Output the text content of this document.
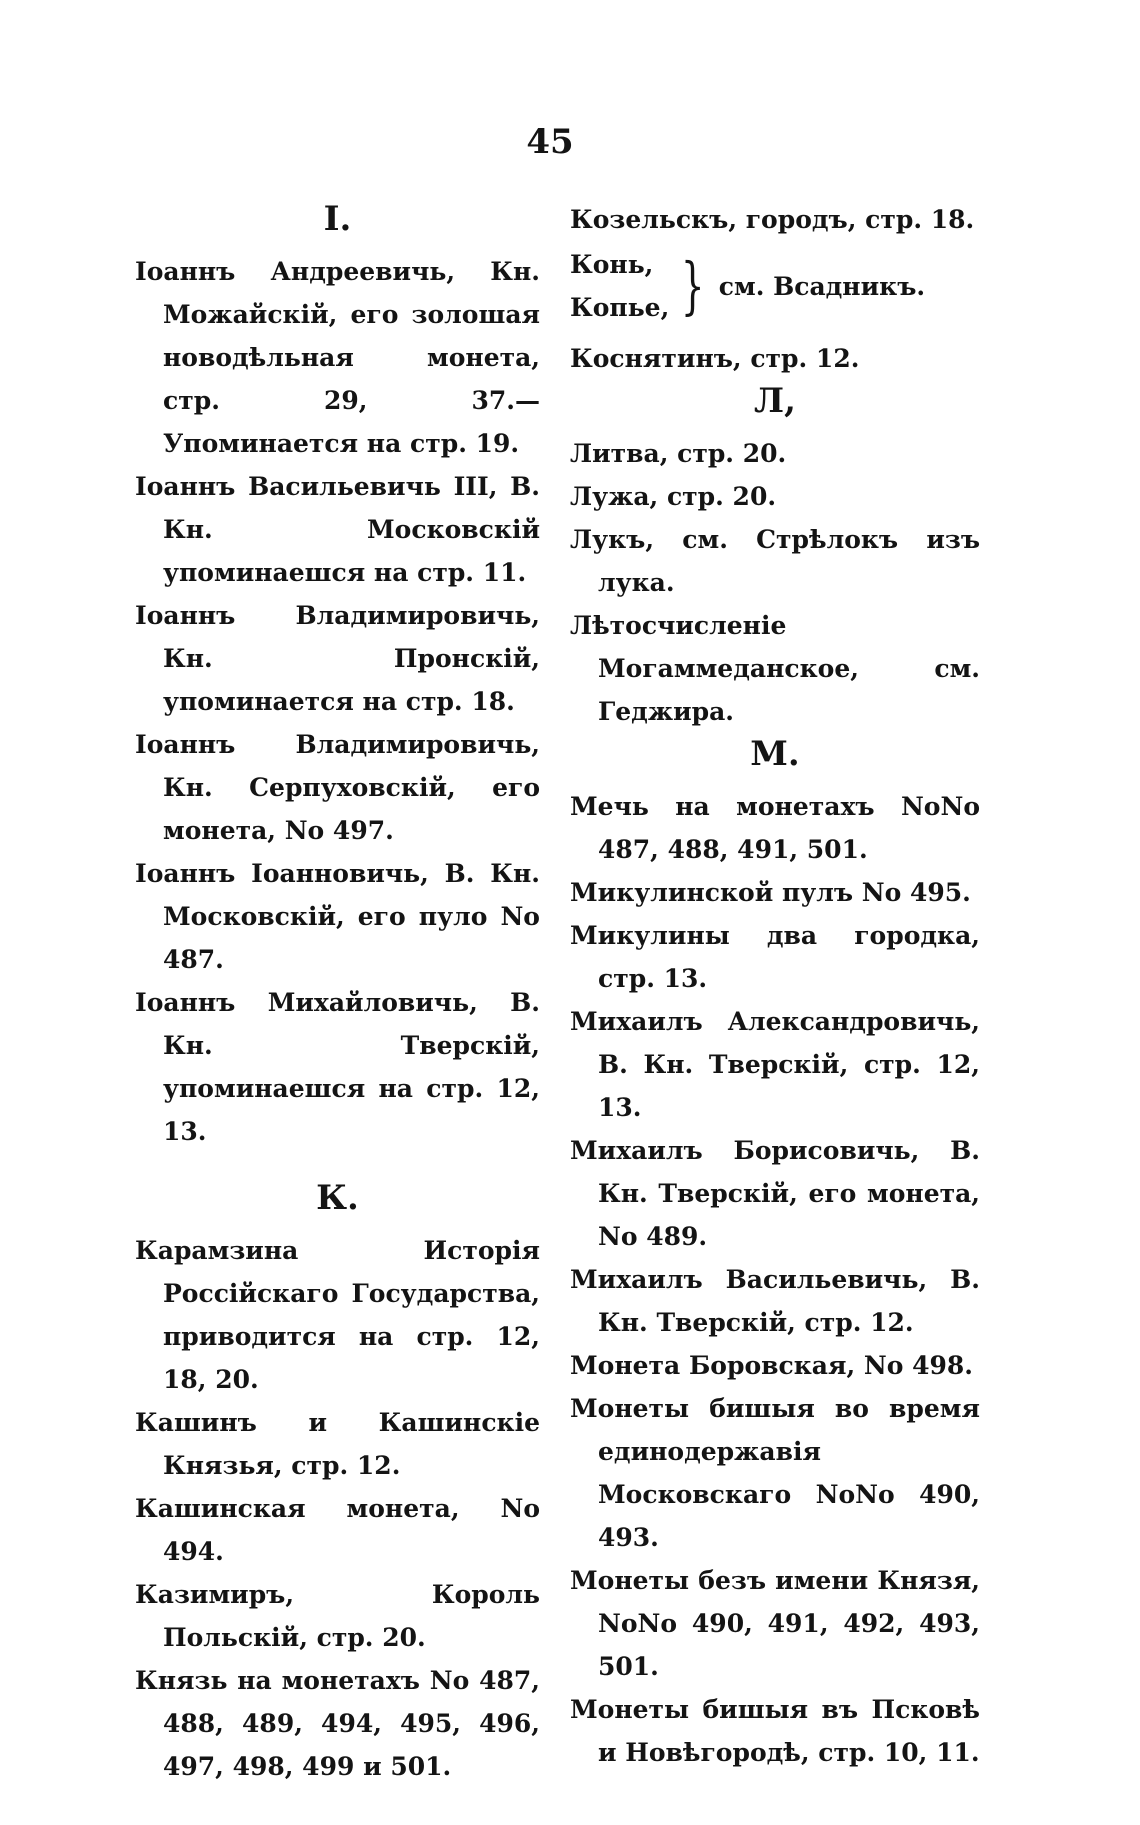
45
I.

Іоаннъ Андреевичь, Кн. Можайскій, его золошая новодѣльная монета, стр. 29, 37.— Упоминается на стр. 19.

Іоаннъ Васильевичь III, В. Кн. Московскій упоминаешся на стр. 11.

Іоаннъ Владимировичь, Кн. Пронскій, упоминается на стр. 18.

Іоаннъ Владимировичь, Кн. Серпуховскій, его монета, No 497.

Іоаннъ Іоанновичь, В. Кн. Московскій, его пуло No 487.

Іоаннъ Михайловичь, В. Кн. Тверскій, упоминаешся на стр. 12, 13.

К.

Карамзина Исторія Россійскаго Государства, приводится на стр. 12, 18, 20.

Кашинъ и Кашинскіе Князья, стр. 12.

Кашинская монета, No 494.

Казимиръ, Король Польскій, стр. 20.

Князь на монетахъ No 487, 488, 489, 494, 495, 496, 497, 498, 499 и 501.

Козельскъ, городъ, стр. 18.

Конь,
Копье, } см. Всадникъ.

Коснятинъ, стр. 12.

Л,

Литва, стр. 20.

Лужа, стр. 20.

Лукъ, см. Стрѣлокъ изъ лука.

Лѣтосчисленіе Могаммеданское, см. Геджира.

М.

Мечь на монетахъ NoNo 487, 488, 491, 501.

Микулинской пулъ No 495.

Микулины два городка, стр. 13.

Михаилъ Александровичь, В. Кн. Тверскій, стр. 12, 13.

Михаилъ Борисовичь, В. Кн. Тверскій, его монета, No 489.

Михаилъ Васильевичь, В. Кн. Тверскій, стр. 12.

Монета Боровская, No 498.

Монеты бишыя во время единодержавія Московскаго NoNo 490, 493.

Монеты безъ имени Князя, NoNo 490, 491, 492, 493, 501.

Монеты бишыя въ Псковѣ и Новѣгородѣ, стр. 10, 11.
